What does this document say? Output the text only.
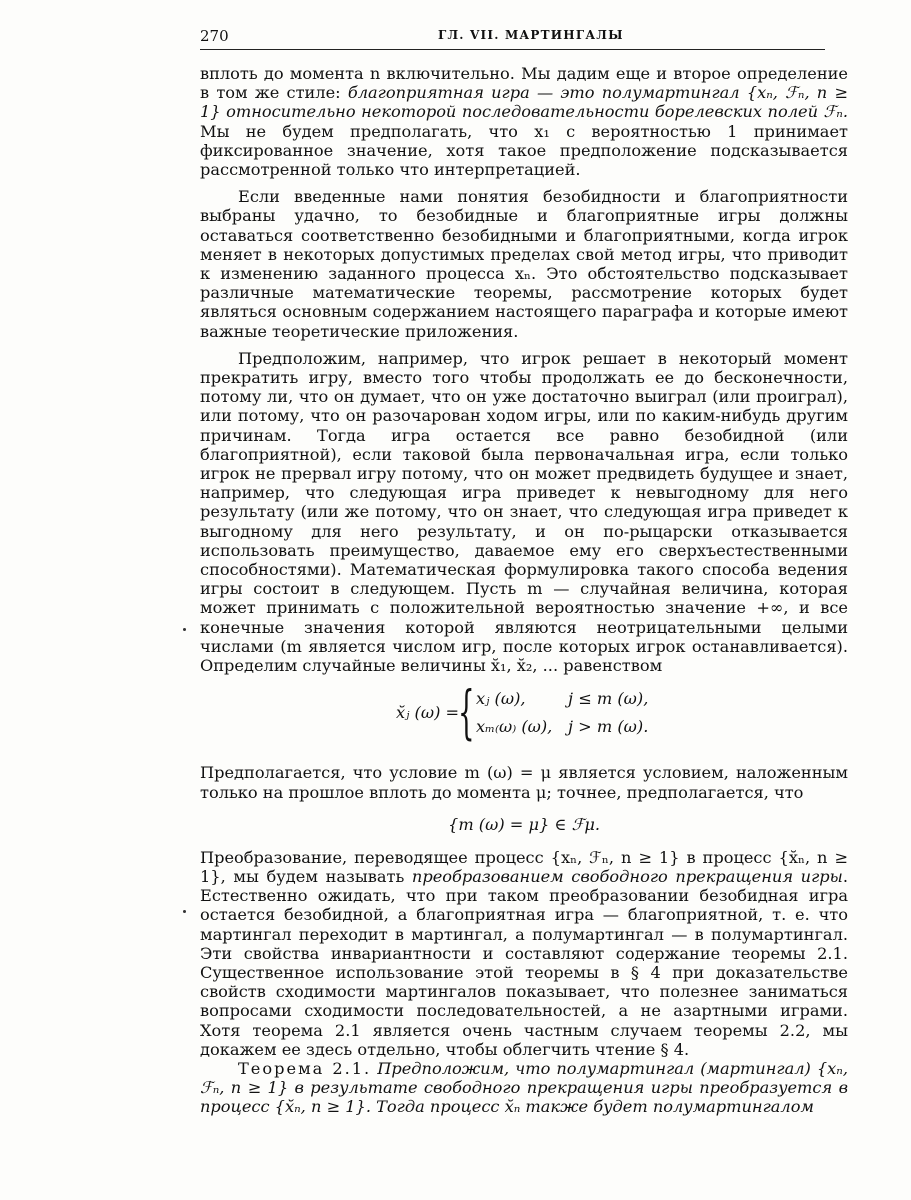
270	ГЛ. VII. МАРТИНГАЛЫ

вплоть до момента n включительно. Мы дадим еще и второе определение в том же стиле: благоприятная игра — это полумартингал {xₙ, ℱₙ, n ≥ 1} относительно некоторой последовательности борелевских полей ℱₙ. Мы не будем предполагать, что x₁ с вероятностью 1 принимает фиксированное значение, хотя такое предположение подсказывается рассмотренной только что интерпретацией.

Если введенные нами понятия безобидности и благоприятности выбраны удачно, то безобидные и благоприятные игры должны оставаться соответственно безобидными и благоприятными, когда игрок меняет в некоторых допустимых пределах свой метод игры, что приводит к изменению заданного процесса xₙ. Это обстоятельство подсказывает различные математические теоремы, рассмотрение которых будет являться основным содержанием настоящего параграфа и которые имеют важные теоретические приложения.

Предположим, например, что игрок решает в некоторый момент прекратить игру, вместо того чтобы продолжать ее до бесконечности, потому ли, что он думает, что он уже достаточно выиграл (или проиграл), или потому, что он разочарован ходом игры, или по каким-нибудь другим причинам. Тогда игра остается все равно безобидной (или благоприятной), если таковой была первоначальная игра, если только игрок не прервал игру потому, что он может предвидеть будущее и знает, например, что следующая игра приведет к невыгодному для него результату (или же потому, что он знает, что следующая игра приведет к выгодному для него результату, и он по-рыцарски отказывается использовать преимущество, даваемое ему его сверхъестественными способностями). Математическая формулировка такого способа ведения игры состоит в следующем. Пусть m — случайная величина, которая может принимать с положительной вероятностью значение +∞, и все конечные значения которой являются неотрицательными целыми числами (m является числом игр, после которых игрок останавливается). Определим случайные величины x̆₁, x̆₂, ... равенством

x̆ⱼ (ω) =
{ xⱼ (ω),	j ≤ m (ω),
xₘ₍ω₎ (ω), j > m (ω).

Предполагается, что условие m (ω) = μ является условием, наложенным только на прошлое вплоть до момента μ; точнее, предполагается, что

{m (ω) = μ} ∈ ℱμ.

Преобразование, переводящее процесс {xₙ, ℱₙ, n ≥ 1} в процесс {x̆ₙ, n ≥ 1}, мы будем называть преобразованием свободного прекращения игры. Естественно ожидать, что при таком преобразовании безобидная игра остается безобидной, а благоприятная игра — благоприятной, т. е. что мартингал переходит в мартингал, а полумартингал — в полумартингал. Эти свойства инвариантности и составляют содержание теоремы 2.1. Существенное использование этой теоремы в § 4 при доказательстве свойств сходимости мартингалов показывает, что полезнее заниматься вопросами сходимости последовательностей, а не азартными играми. Хотя теорема 2.1 является очень частным случаем теоремы 2.2, мы докажем ее здесь отдельно, чтобы облегчить чтение § 4.

Теорема 2.1. Предположим, что полумартингал (мартингал) {xₙ, ℱₙ, n ≥ 1} в результате свободного прекращения игры преобразуется в процесс {x̆ₙ, n ≥ 1}. Тогда процесс x̆ₙ также будет полумартингалом
